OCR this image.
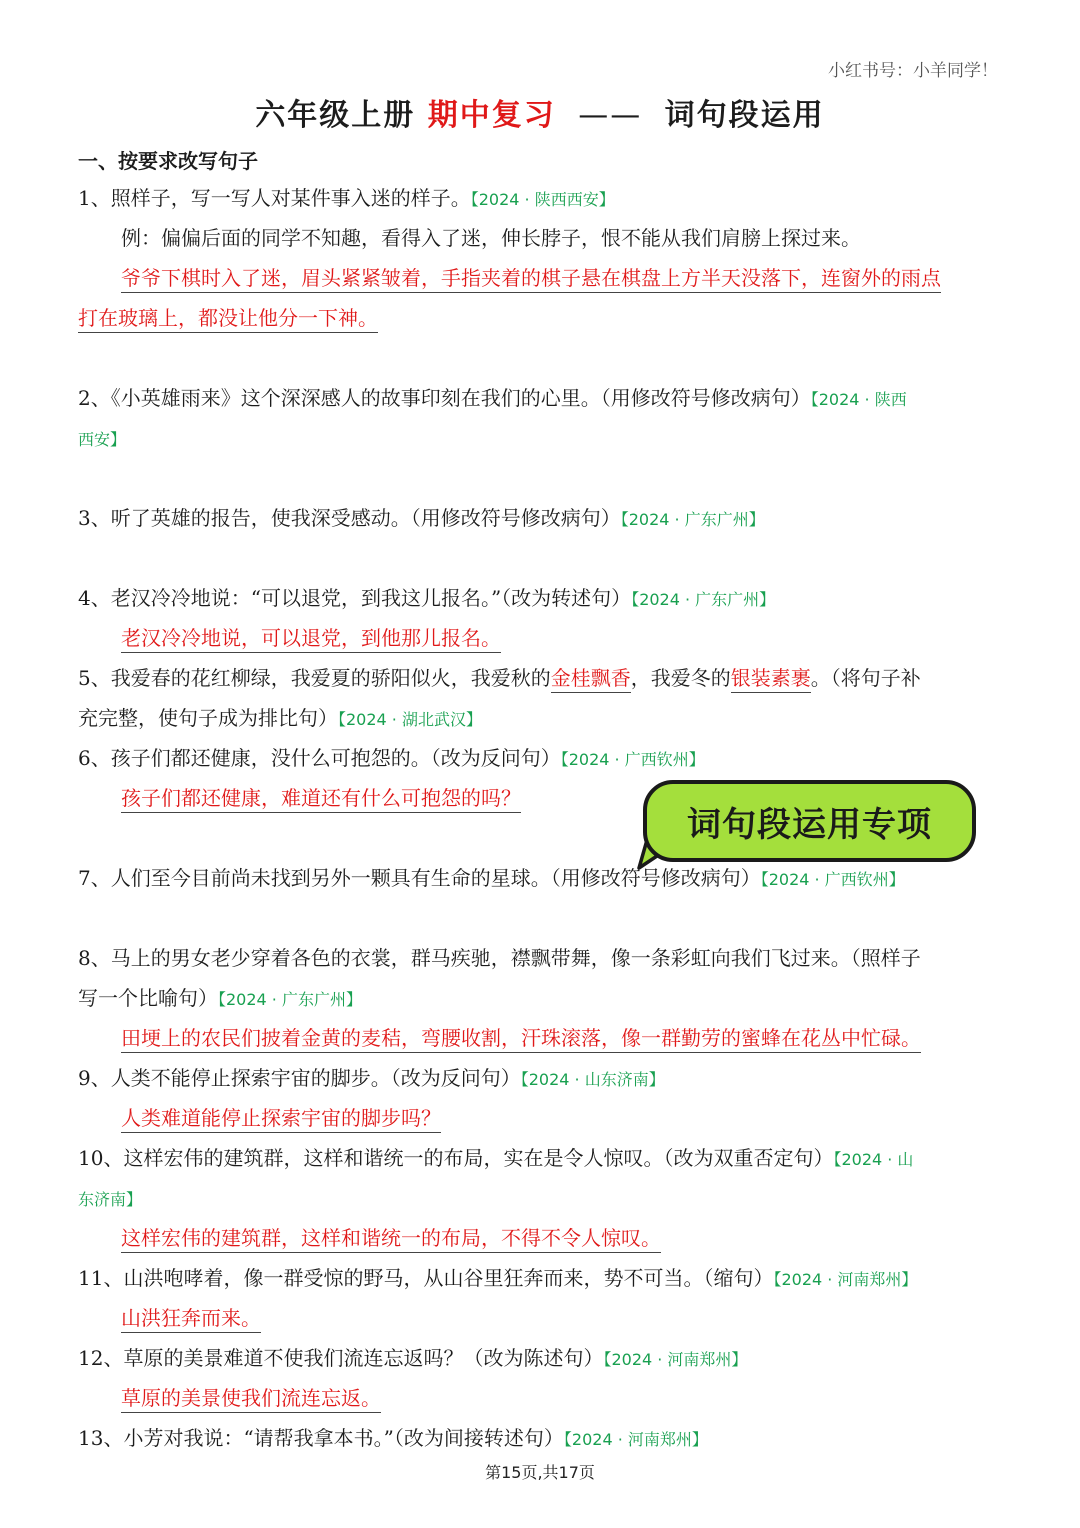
小红书号：小羊同学！
六年级上册 期中复习 —— 词句段运用
一、按要求改写句子
1、照样子，写一写人对某件事入迷的样子。【2024 · 陕西西安】
例：偏偏后面的同学不知趣，看得入了迷，伸长脖子，恨不能从我们肩膀上探过来。
爷爷下棋时入了迷，眉头紧紧皱着，手指夹着的棋子悬在棋盘上方半天没落下，连窗外的雨点
打在玻璃上，都没让他分一下神。
2、《小英雄雨来》这个深深感人的故事印刻在我们的心里。（用修改符号修改病句）【2024 · 陕西
西安】
3、听了英雄的报告，使我深受感动。（用修改符号修改病句）【2024 · 广东广州】
4、老汉冷冷地说：“可以退党，到我这儿报名。”（改为转述句）【2024 · 广东广州】
老汉冷冷地说，可以退党，到他那儿报名。
5、我爱春的花红柳绿，我爱夏的骄阳似火，我爱秋的金桂飘香，我爱冬的银装素裹。（将句子补
充完整，使句子成为排比句）【2024 · 湖北武汉】
6、孩子们都还健康，没什么可抱怨的。（改为反问句）【2024 · 广西钦州】
孩子们都还健康，难道还有什么可抱怨的吗？
7、人们至今目前尚未找到另外一颗具有生命的星球。（用修改符号修改病句）【2024 · 广西钦州】
8、马上的男女老少穿着各色的衣裳，群马疾驰，襟飘带舞，像一条彩虹向我们飞过来。（照样子
写一个比喻句）【2024 · 广东广州】
田埂上的农民们披着金黄的麦秸，弯腰收割，汗珠滚落，像一群勤劳的蜜蜂在花丛中忙碌。
9、人类不能停止探索宇宙的脚步。（改为反问句）【2024 · 山东济南】
人类难道能停止探索宇宙的脚步吗？
10、这样宏伟的建筑群，这样和谐统一的布局，实在是令人惊叹。（改为双重否定句）【2024 · 山
东济南】
这样宏伟的建筑群，这样和谐统一的布局，不得不令人惊叹。
11、山洪咆哮着，像一群受惊的野马，从山谷里狂奔而来，势不可当。（缩句）【2024 · 河南郑州】
山洪狂奔而来。
12、草原的美景难道不使我们流连忘返吗？（改为陈述句）【2024 · 河南郑州】
草原的美景使我们流连忘返。
13、小芳对我说：“请帮我拿本书。”（改为间接转述句）【2024 · 河南郑州】
词句段运用专项
第15页,共17页
